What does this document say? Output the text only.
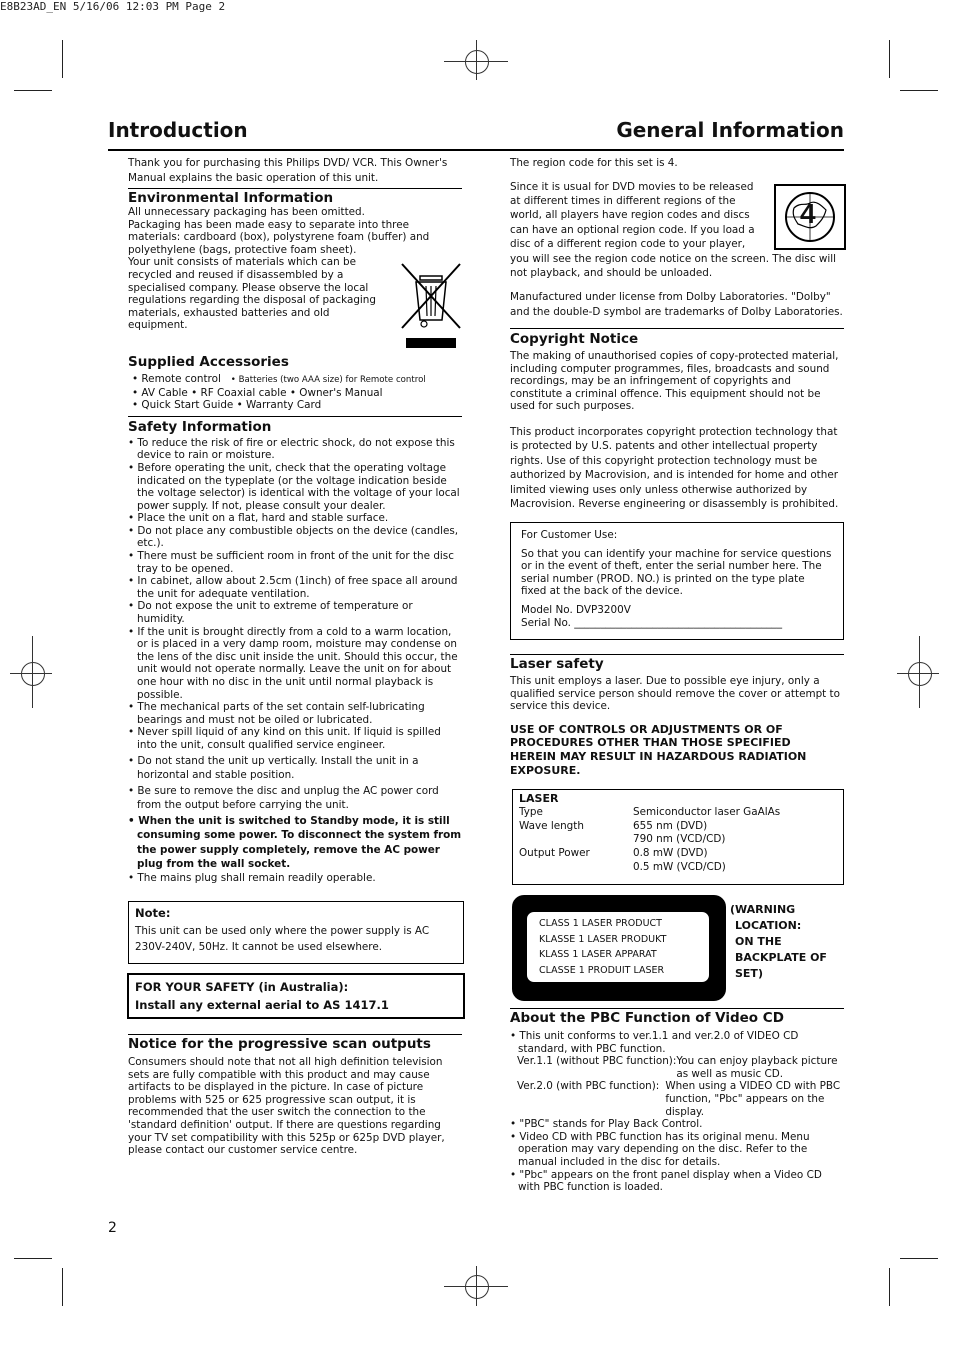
E8B23AD_EN 5/16/06 12:03 PM Page 2
Introduction	General Information

Thank you for purchasing this Philips DVD/ VCR. This Owner's Manual explains the basic operation of this unit.

Environmental Information

All unnecessary packaging has been omitted.

Packaging has been made easy to separate into three materials: cardboard (box), polystyrene foam (buffer) and polyethylene (bags, protective foam sheet).

Your unit consists of materials which can be recycled and reused if disassembled by a specialised company. Please observe the local regulations regarding the disposal of packaging materials, exhausted batteries and old equipment.

Supplied Accessories

• Remote control • Batteries (two AAA size) for Remote control

• AV Cable • RF Coaxial cable • Owner's Manual

• Quick Start Guide • Warranty Card

Safety Information
• To reduce the risk of fire or electric shock, do not expose this device to rain or moisture.
• Before operating the unit, check that the operating voltage indicated on the typeplate (or the voltage indication beside the voltage selector) is identical with the voltage of your local power supply. If not, please consult your dealer.
• Place the unit on a flat, hard and stable surface.
• Do not place any combustible objects on the device (candles, etc.).
• There must be sufficient room in front of the unit for the disc tray to be opened.
• In cabinet, allow about 2.5cm (1inch) of free space all around the unit for adequate ventilation.
• Do not expose the unit to extreme of temperature or humidity.
• If the unit is brought directly from a cold to a warm location, or is placed in a very damp room, moisture may condense on the lens of the disc unit inside the unit. Should this occur, the unit would not operate normally. Leave the unit on for about one hour with no disc in the unit until normal playback is possible.
• The mechanical parts of the set contain self-lubricating bearings and must not be oiled or lubricated.
• Never spill liquid of any kind on this unit. If liquid is spilled into the unit, consult qualified service engineer.
• Do not stand the unit up vertically. Install the unit in a horizontal and stable position.
• Be sure to remove the disc and unplug the AC power cord from the output before carrying the unit.
• When the unit is switched to Standby mode, it is still consuming some power. To disconnect the system from the power supply completely, remove the AC power plug from the wall socket.
• The mains plug shall remain readily operable.
Note:

This unit can be used only where the power supply is AC 230V-240V, 50Hz. It cannot be used elsewhere.

FOR YOUR SAFETY (in Australia):
Install any external aerial to AS 1417.1
Notice for the progressive scan outputs

Consumers should note that not all high definition television sets are fully compatible with this product and may cause artifacts to be displayed in the picture. In case of picture problems with 525 or 625 progressive scan output, it is recommended that the user switch the connection to the 'standard definition' output. If there are questions regarding your TV set compatibility with this 525p or 625p DVD player, please contact our customer service centre.

2

The region code for this set is 4.

Since it is usual for DVD movies to be released at different times in different regions of the world, all players have region codes and discs can have an optional region code. If you load a disc of a different region code to your player,

you will see the region code notice on the screen. The disc will not playback, and should be unloaded.

Manufactured under license from Dolby Laboratories. "Dolby" and the double-D symbol are trademarks of Dolby Laboratories.

4
Copyright Notice

The making of unauthorised copies of copy-protected material, including computer programmes, files, broadcasts and sound recordings, may be an infringement of copyrights and constitute a criminal offence. This equipment should not be used for such purposes.

This product incorporates copyright protection technology that is protected by U.S. patents and other intellectual property rights. Use of this copyright protection technology must be authorized by Macrovision, and is intended for home and other limited viewing uses only unless otherwise authorized by Macrovision. Reverse engineering or disassembly is prohibited.

For Customer Use:

So that you can identify your machine for service questions or in the event of theft, enter the serial number here. The serial number (PROD. NO.) is printed on the type plate fixed at the back of the device.

Model No. DVP3200V

Serial No. ________________________________________

Laser safety

This unit employs a laser. Due to possible eye injury, only a qualified service person should remove the cover or attempt to service this device.

USE OF CONTROLS OR ADJUSTMENTS OR OF PROCEDURES OTHER THAN THOSE SPECIFIED HEREIN MAY RESULT IN HAZARDOUS RADIATION EXPOSURE.

LASER
Type	Semiconductor laser GaAlAs
Wave length	655 nm (DVD)
790 nm (VCD/CD)
Output Power	0.8 mW (DVD)
0.5 mW (VCD/CD)
CLASS 1 LASER PRODUCT
KLASSE 1 LASER PRODUKT
KLASS 1 LASER APPARAT
CLASSE 1 PRODUIT LASER
(WARNING
LOCATION:
ON THE
BACKPLATE OF
SET)
About the PBC Function of Video CD

• This unit conforms to ver.1.1 and ver.2.0 of VIDEO CD standard, with PBC function.

Ver.1.1 (without PBC function): You can enjoy playback picture as well as music CD.
Ver.2.0 (with PBC function): When using a VIDEO CD with PBC function, "Pbc" appears on the display.

• "PBC" stands for Play Back Control.

• Video CD with PBC function has its original menu. Menu operation may vary depending on the disc. Refer to the manual included in the disc for details.

• "Pbc" appears on the front panel display when a Video CD with PBC function is loaded.
